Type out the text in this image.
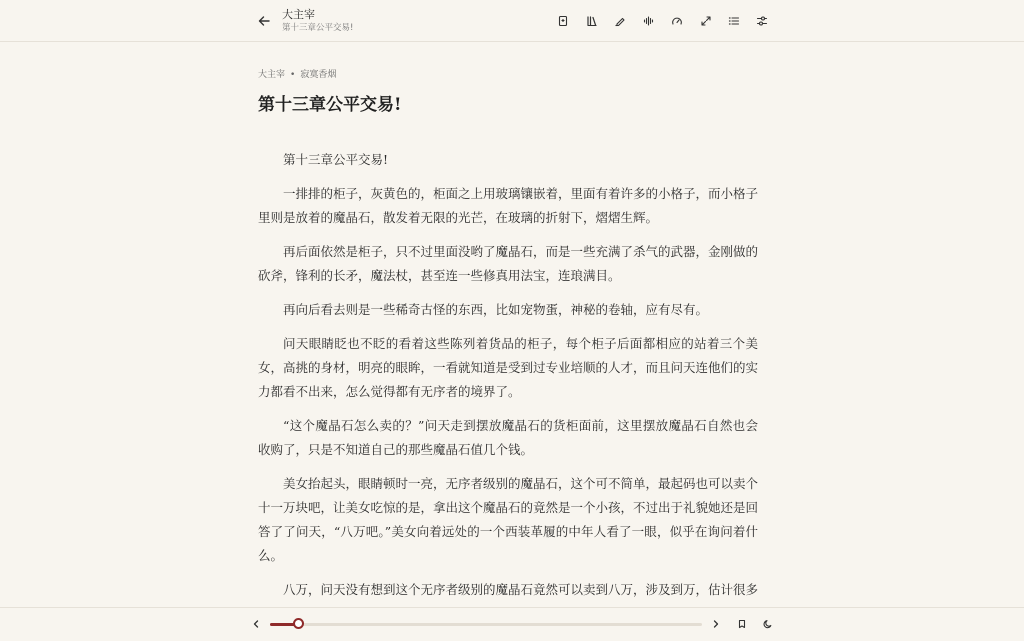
大主宰
第十三章公平交易!
大主宰 • 寂寞香烟
第十三章公平交易!

第十三章公平交易!

一排排的柜子，灰黄色的，柜面之上用玻璃镶嵌着，里面有着许多的小格子，而小格子里则是放着的魔晶石，散发着无限的光芒，在玻璃的折射下，熠熠生辉。

再后面依然是柜子，只不过里面没哟了魔晶石，而是一些充满了杀气的武器，金刚做的砍斧，锋利的长矛，魔法杖，甚至连一些修真用法宝，连琅满目。

再向后看去则是一些稀奇古怪的东西，比如宠物蛋，神秘的卷轴，应有尽有。

问天眼睛眨也不眨的看着这些陈列着货品的柜子，每个柜子后面都相应的站着三个美女，高挑的身材，明亮的眼眸，一看就知道是受到过专业培顺的人才，而且问天连他们的实力都看不出来，怎么觉得都有无序者的境界了。

“这个魔晶石怎么卖的？”问天走到摆放魔晶石的货柜面前，这里摆放魔晶石自然也会收购了，只是不知道自己的那些魔晶石值几个钱。

美女抬起头，眼睛顿时一亮，无序者级别的魔晶石，这个可不简单，最起码也可以卖个十一万块吧，让美女吃惊的是，拿出这个魔晶石的竟然是一个小孩，不过出于礼貌她还是回答了了问天，“八万吧。”美女向着远处的一个西装革履的中年人看了一眼，似乎在询问着什么。

八万，问天没有想到这个无序者级别的魔晶石竟然可以卖到八万，涉及到万，估计很多
